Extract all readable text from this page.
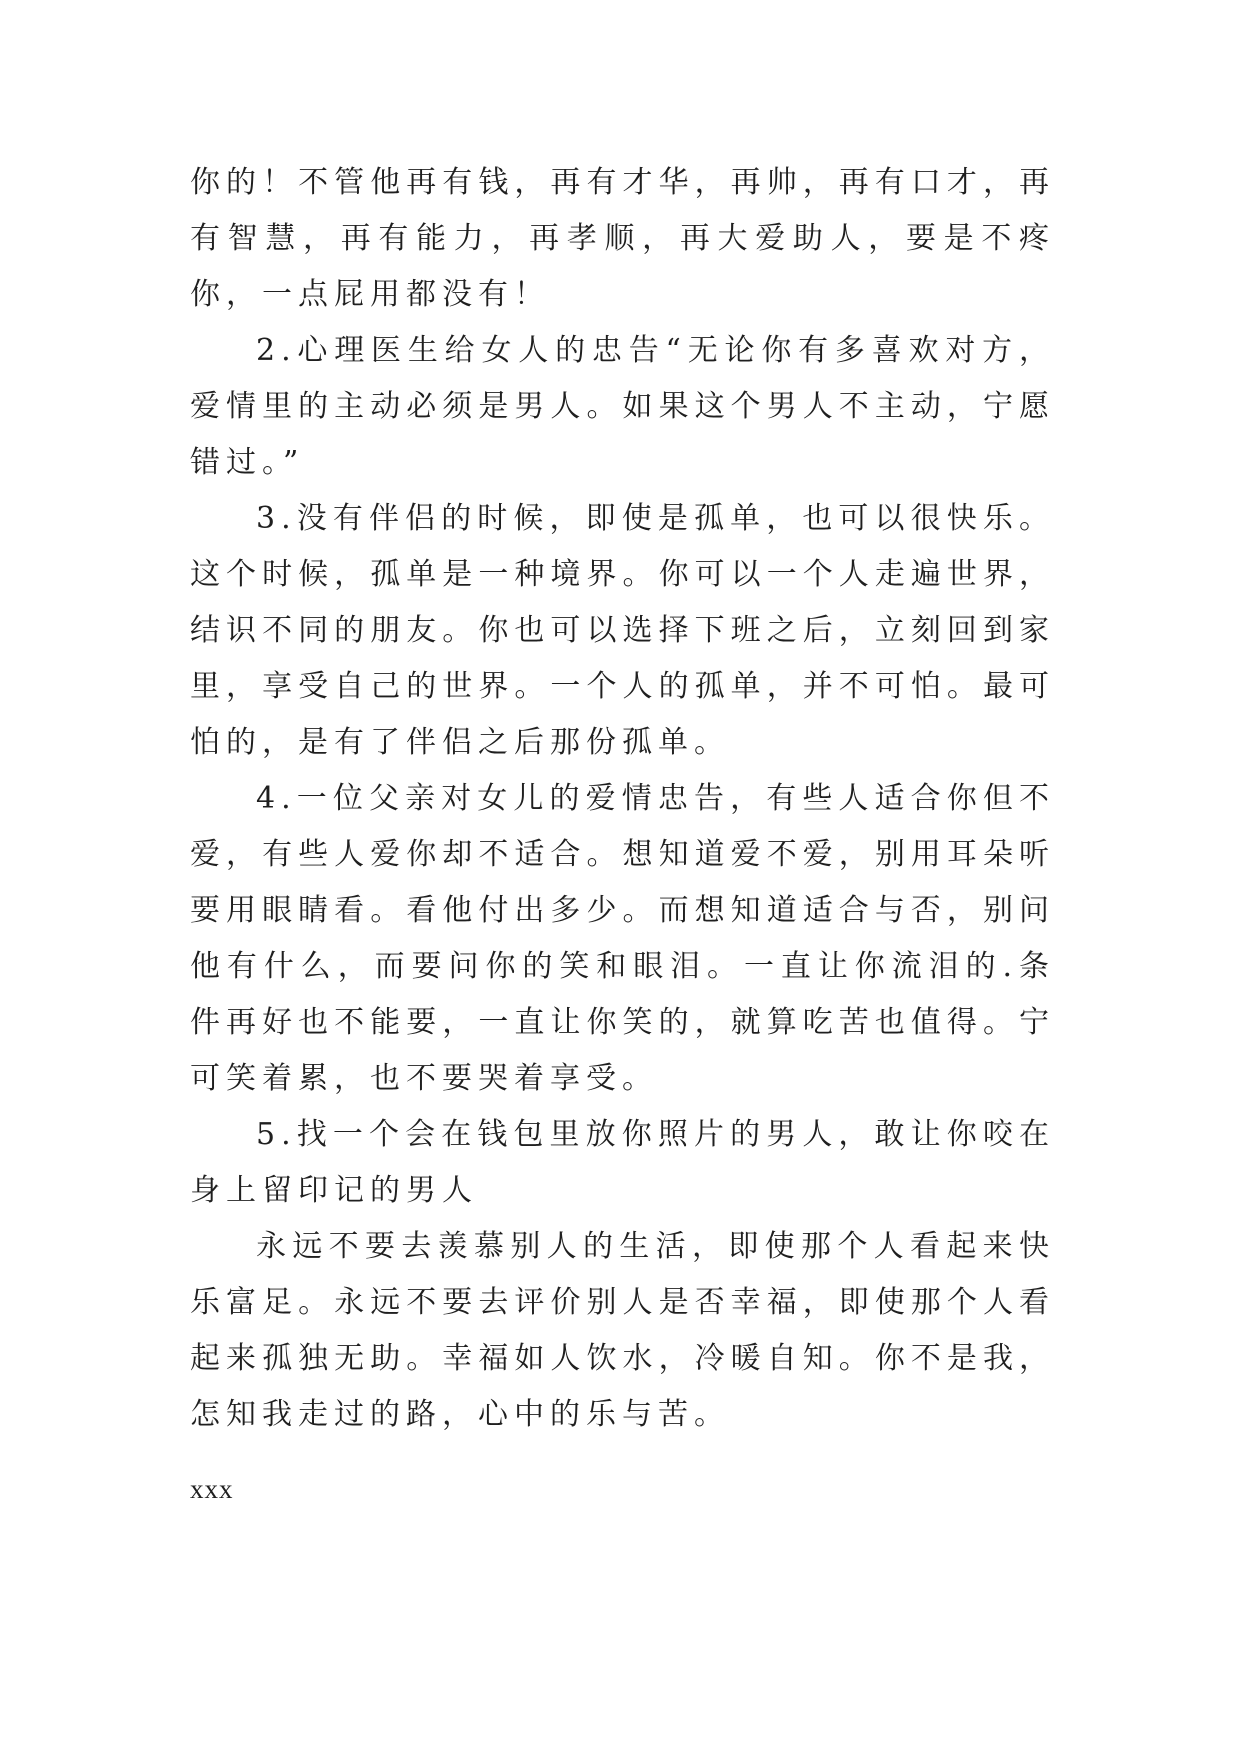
你的！不管他再有钱，再有才华，再帅，再有口才，再有智慧，再有能力，再孝顺，再大爱助人，要是不疼你，一点屁用都没有！

2.心理医生给女人的忠告“无论你有多喜欢对方，爱情里的主动必须是男人。如果这个男人不主动，宁愿错过。”

3.没有伴侣的时候，即使是孤单，也可以很快乐。这个时候，孤单是一种境界。你可以一个人走遍世界，结识不同的朋友。你也可以选择下班之后，立刻回到家里，享受自己的世界。一个人的孤单，并不可怕。最可怕的，是有了伴侣之后那份孤单。

4.一位父亲对女儿的爱情忠告，有些人适合你但不爱，有些人爱你却不适合。想知道爱不爱，别用耳朵听要用眼睛看。看他付出多少。而想知道适合与否，别问他有什么，而要问你的笑和眼泪。一直让你流泪的.条件再好也不能要，一直让你笑的，就算吃苦也值得。宁可笑着累，也不要哭着享受。

5.找一个会在钱包里放你照片的男人，敢让你咬在身上留印记的男人

永远不要去羡慕别人的生活，即使那个人看起来快乐富足。永远不要去评价别人是否幸福，即使那个人看起来孤独无助。幸福如人饮水，冷暖自知。你不是我，怎知我走过的路，心中的乐与苦。

xxx
